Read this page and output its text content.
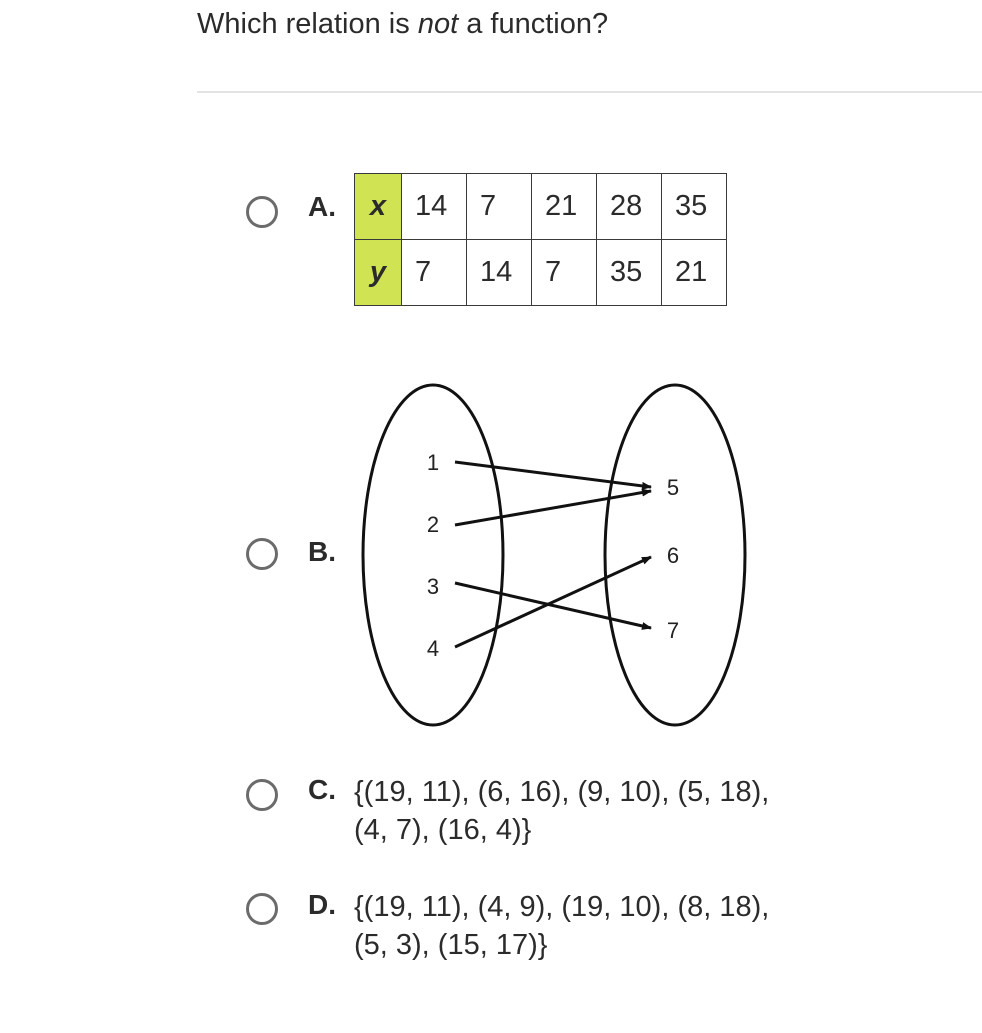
Which relation is not a function?
A. x	14	7	21	28	35
y	7	14	7	35	21
B.
1
2
3
4
5
6
7
C. {(19, 11), (6, 16), (9, 10), (5, 18),
(4, 7), (16, 4)}
D. {(19, 11), (4, 9), (19, 10), (8, 18),
(5, 3), (15, 17)}
